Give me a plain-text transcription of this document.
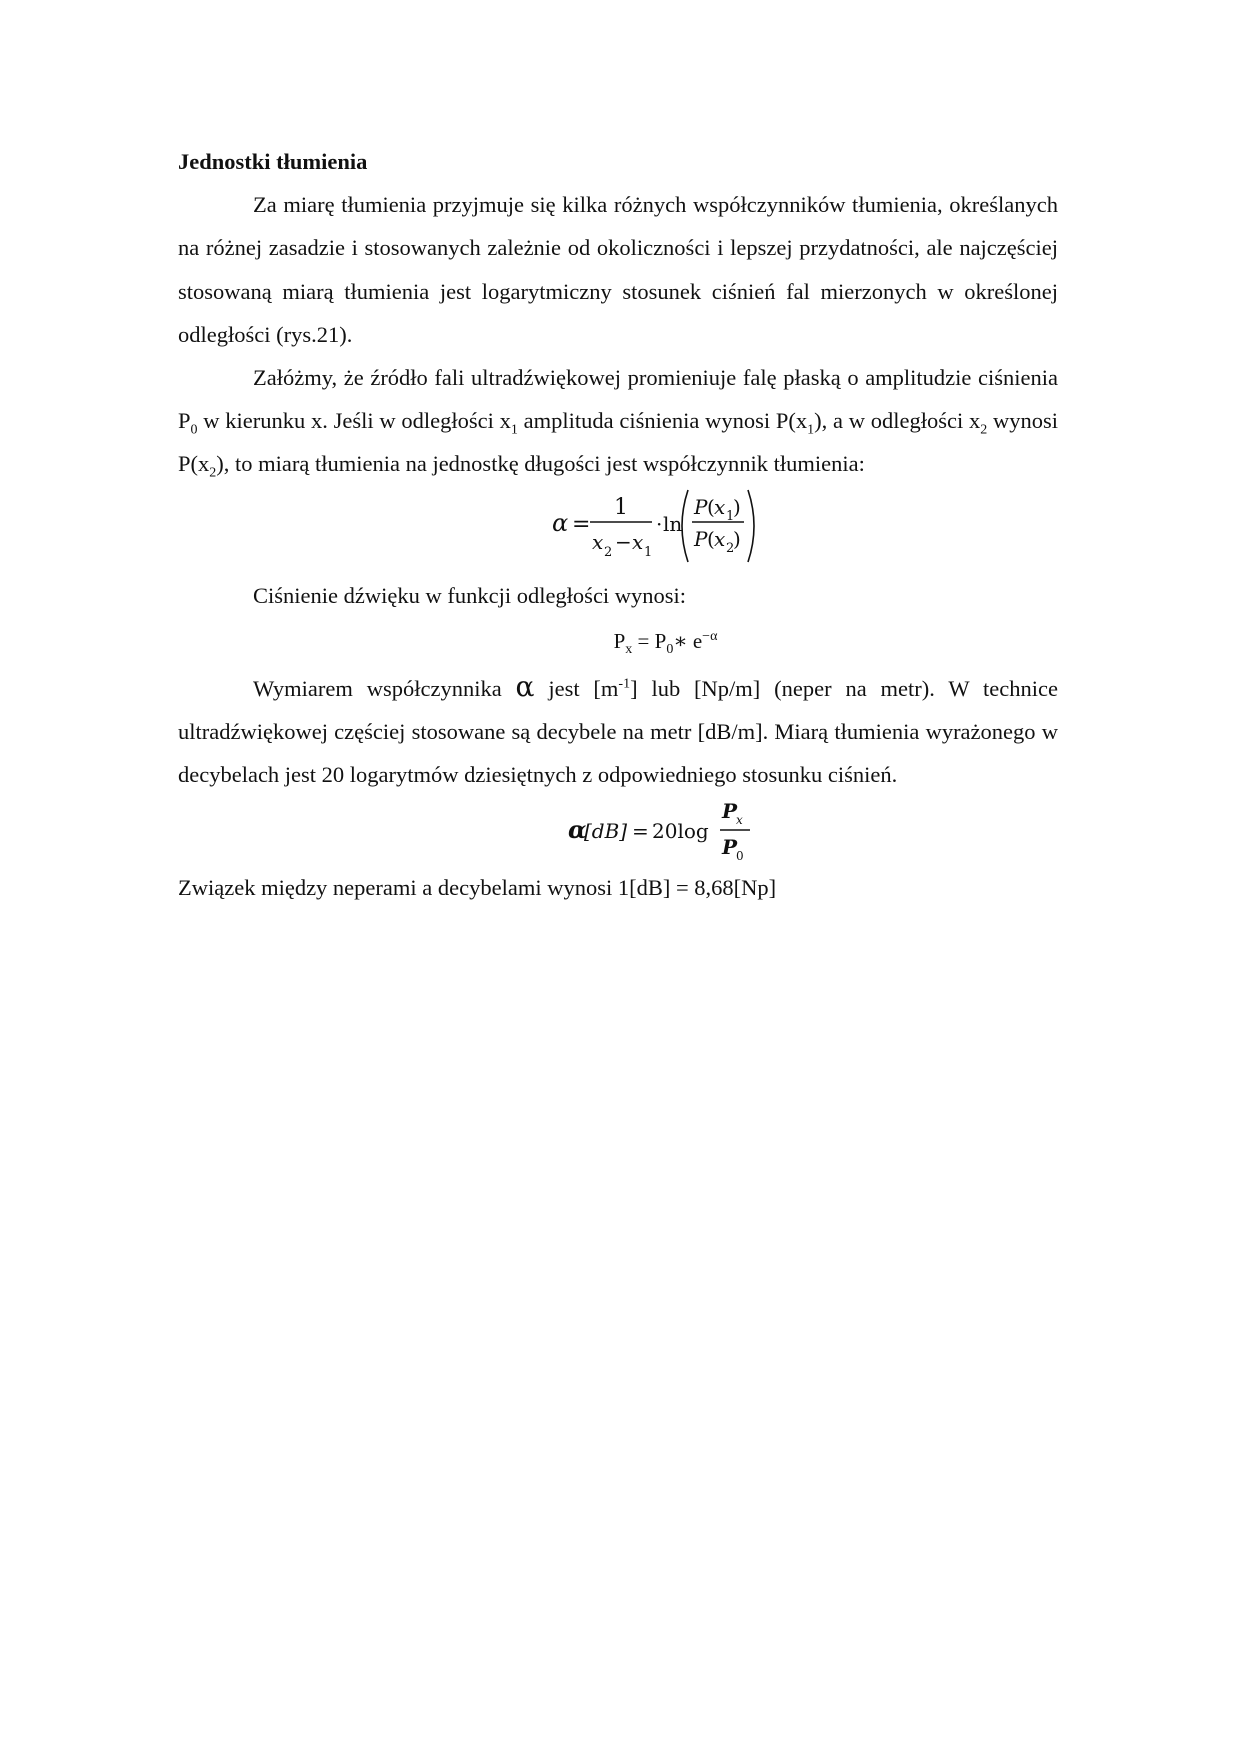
Jednostki tłumienia

Za miarę tłumienia przyjmuje się kilka różnych współczynników tłumienia, określanych na różnej zasadzie i stosowanych zależnie od okoliczności i lepszej przydatności, ale najczęściej stosowaną miarą tłumienia jest logarytmiczny stosunek ciśnień fal mierzonych w określonej odległości (rys.21).

Załóżmy, że źródło fali ultradźwiękowej promieniuje falę płaską o amplitudzie ciśnienia $P_0$ w kierunku x. Jeśli w odległości $x_1$ amplituda ciśnienia wynosi $P(x_1)$, a w odległości $x_2$ wynosi $P(x_2)$, to miarą tłumienia na jednostkę długości jest współczynnik tłumienia:

α =
1
x 2 − x 1
· ln
P ( x 1
)
P ( x 2
)

Ciśnienie dźwięku w funkcji odległości wynosi:

$P_x$ = $P_0∗$ $e^{-\alpha}$

Wymiarem współczynnika α jest $[m^{-1}]$ lub [Np/m] (neper na metr). W technice ultradźwiękowej częściej stosowane są decybele na metr [dB/m]. Miarą tłumienia wyrażonego w decybelach jest 20 logarytmów dziesiętnych z odpowiedniego stosunku ciśnień.

α
[dB] = 20log
P
x
P
0

Związek między neperami a decybelami wynosi 1[dB] = 8,68[Np]
